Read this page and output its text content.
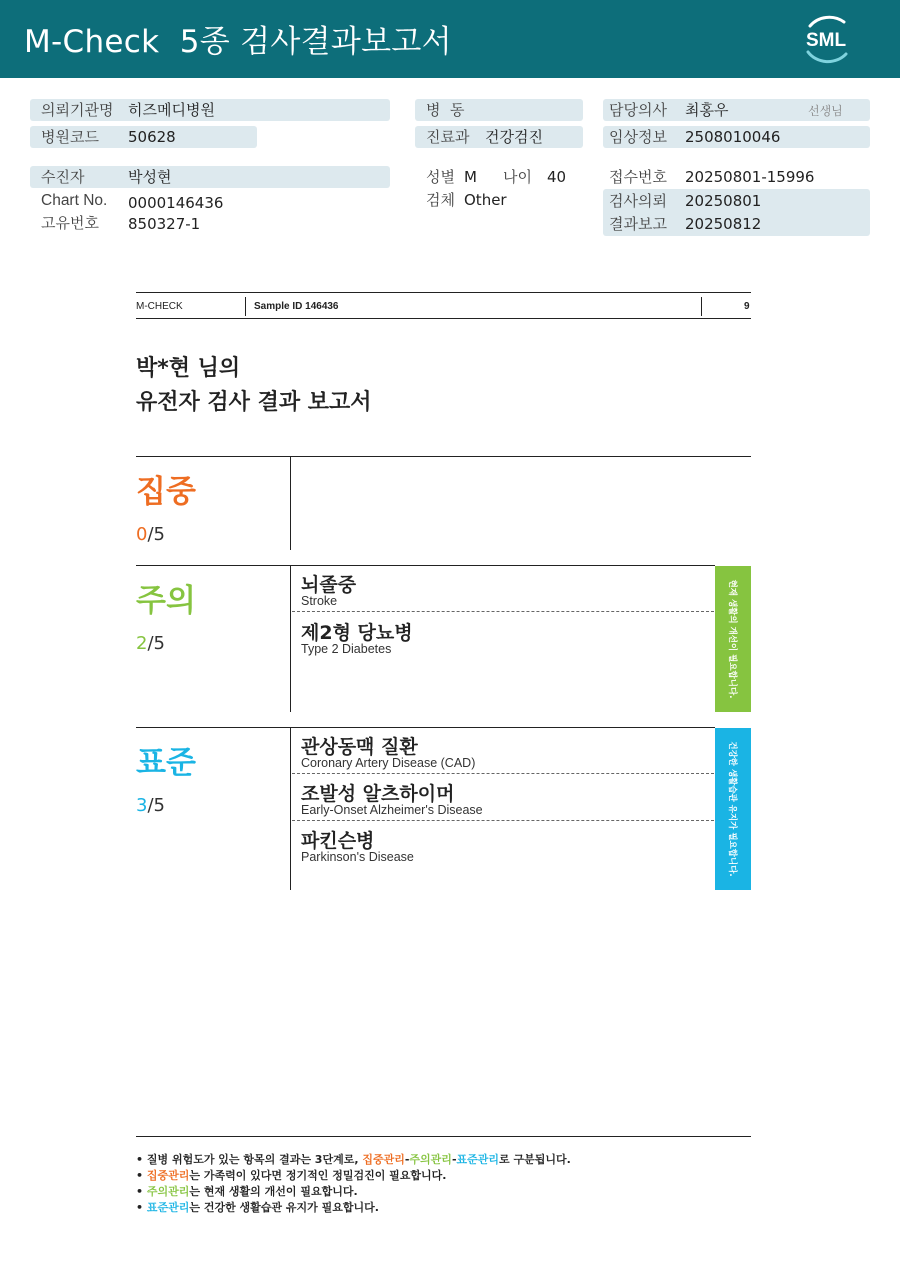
M-Check  5종 검사결과보고서	SML
의뢰기관명 히즈메디병원
병원코드 50628
수진자	박성현
Chart No. 0000146436
고유번호 850327-1
병  동
진료과 건강검진
성별 M 나이 40
검체 Other
담당의사 최홍우	선생님
임상정보 2508010046
접수번호 20250801-15996
검사의뢰 20250801
결과보고 20250812
M-CHECK	Sample ID 146436	9
박*현 님의
유전자 검사 결과 보고서
집중
0/5
주의
2/5
뇌졸중
Stroke
제2형 당뇨병
Type 2 Diabetes	현재 생활의 개선이 필요합니다.
표준
3/5
관상동맥 질환
Coronary Artery Disease (CAD)
조발성 알츠하이머
Early-Onset Alzheimer's Disease
파킨슨병
Parkinson's Disease	건강한 생활습관 유지가 필요합니다.
• 질병 위험도가 있는 항목의 결과는 3단계로, 집중관리-주의관리-표준관리로 구분됩니다.
• 집중관리는 가족력이 있다면 정기적인 정밀검진이 필요합니다.
• 주의관리는 현재 생활의 개선이 필요합니다.
• 표준관리는 건강한 생활습관 유지가 필요합니다.
